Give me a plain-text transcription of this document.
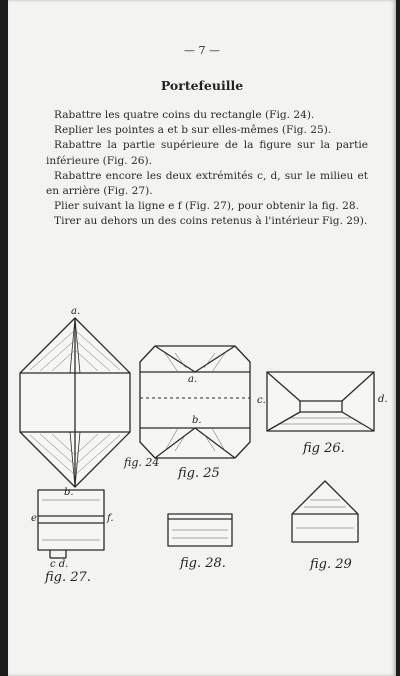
— 7 —
Portefeuille

Rabattre les quatre coins du rectangle (Fig. 24).

Replier les pointes a et b sur elles-mêmes (Fig. 25).

Rabattre la partie supérieure de la figure sur la partie inférieure (Fig. 26).

Rabattre encore les deux extrémités c, d, sur le milieu et en arrière (Fig. 27).

Plier suivant la ligne e f (Fig. 27), pour obtenir la fig. 28.

Tirer au dehors un des coins retenus à l'intérieur Fig. 29).

a.
b.
fig. 24
a.
b.
fig. 25
c.	d.
fig 26.
e	f.
c d.
fig. 27.
fig. 28.	fig. 29
